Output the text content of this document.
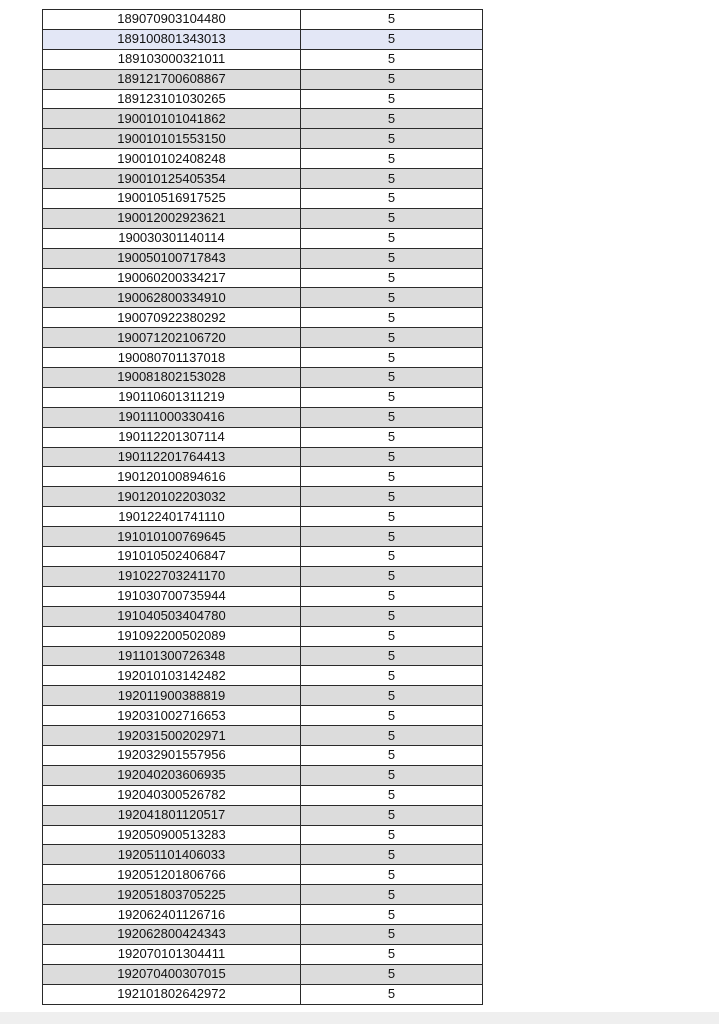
189070903104480	5
189100801343013	5
189103000321011	5
189121700608867	5
189123101030265	5
190010101041862	5
190010101553150	5
190010102408248	5
190010125405354	5
190010516917525	5
190012002923621	5
190030301140114	5
190050100717843	5
190060200334217	5
190062800334910	5
190070922380292	5
190071202106720	5
190080701137018	5
190081802153028	5
190110601311219	5
190111000330416	5
190112201307114	5
190112201764413	5
190120100894616	5
190120102203032	5
190122401741110	5
191010100769645	5
191010502406847	5
191022703241170	5
191030700735944	5
191040503404780	5
191092200502089	5
191101300726348	5
192010103142482	5
192011900388819	5
192031002716653	5
192031500202971	5
192032901557956	5
192040203606935	5
192040300526782	5
192041801120517	5
192050900513283	5
192051101406033	5
192051201806766	5
192051803705225	5
192062401126716	5
192062800424343	5
192070101304411	5
192070400307015	5
192101802642972	5
